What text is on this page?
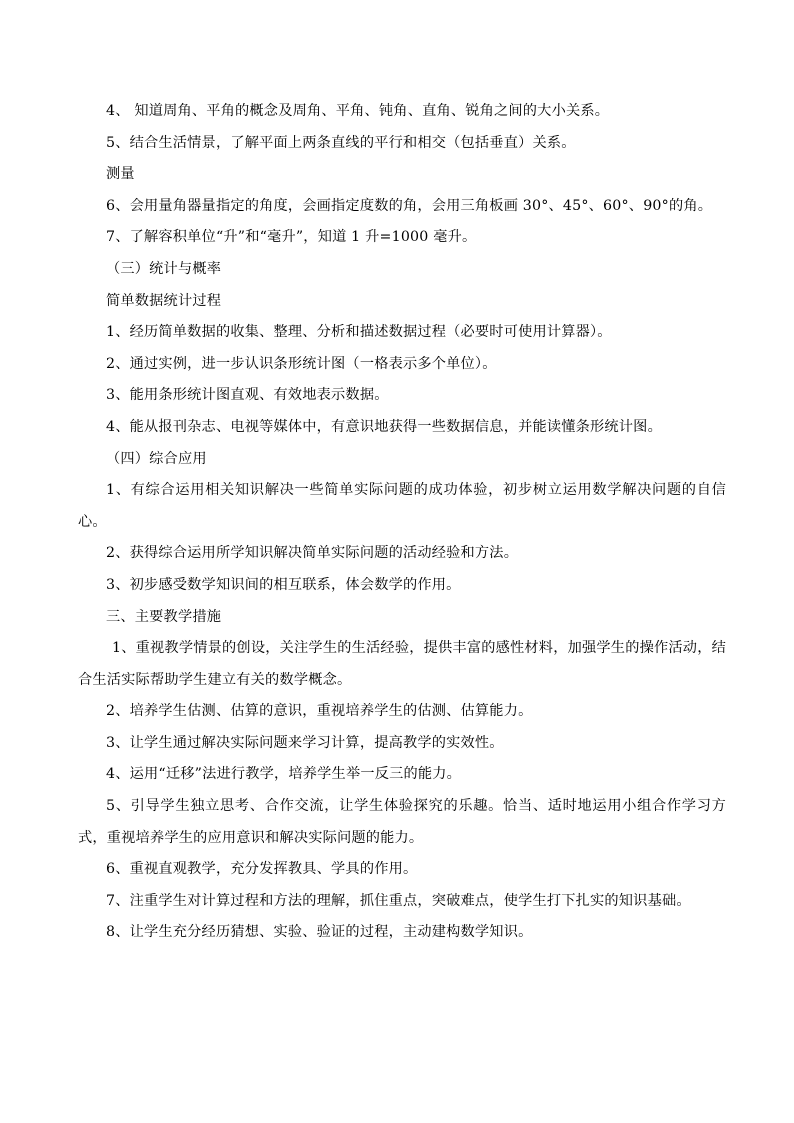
4、 知道周角、平角的概念及周角、平角、钝角、直角、锐角之间的大小关系。

5、结合生活情景，了解平面上两条直线的平行和相交（包括垂直）关系。

测量

6、会用量角器量指定的角度，会画指定度数的角，会用三角板画 30°、45°、60°、90°的角。

7、了解容积单位“升”和“毫升”，知道 1 升=1000 毫升。

（三）统计与概率

简单数据统计过程

1、经历简单数据的收集、整理、分析和描述数据过程（必要时可使用计算器）。

2、通过实例，进一步认识条形统计图（一格表示多个单位）。

3、能用条形统计图直观、有效地表示数据。

4、能从报刊杂志、电视等媒体中，有意识地获得一些数据信息，并能读懂条形统计图。

（四）综合应用

1、有综合运用相关知识解决一些简单实际问题的成功体验，初步树立运用数学解决问题的自信心。

2、获得综合运用所学知识解决简单实际问题的活动经验和方法。

3、初步感受数学知识间的相互联系，体会数学的作用。

三、主要教学措施

1、重视教学情景的创设，关注学生的生活经验，提供丰富的感性材料，加强学生的操作活动，结合生活实际帮助学生建立有关的数学概念。

2、培养学生估测、估算的意识，重视培养学生的估测、估算能力。

3、让学生通过解决实际问题来学习计算，提高教学的实效性。

4、运用“迁移”法进行教学，培养学生举一反三的能力。

5、引导学生独立思考、合作交流，让学生体验探究的乐趣。恰当、适时地运用小组合作学习方式，重视培养学生的应用意识和解决实际问题的能力。

6、重视直观教学，充分发挥教具、学具的作用。

7、注重学生对计算过程和方法的理解，抓住重点，突破难点，使学生打下扎实的知识基础。

8、让学生充分经历猜想、实验、验证的过程，主动建构数学知识。
